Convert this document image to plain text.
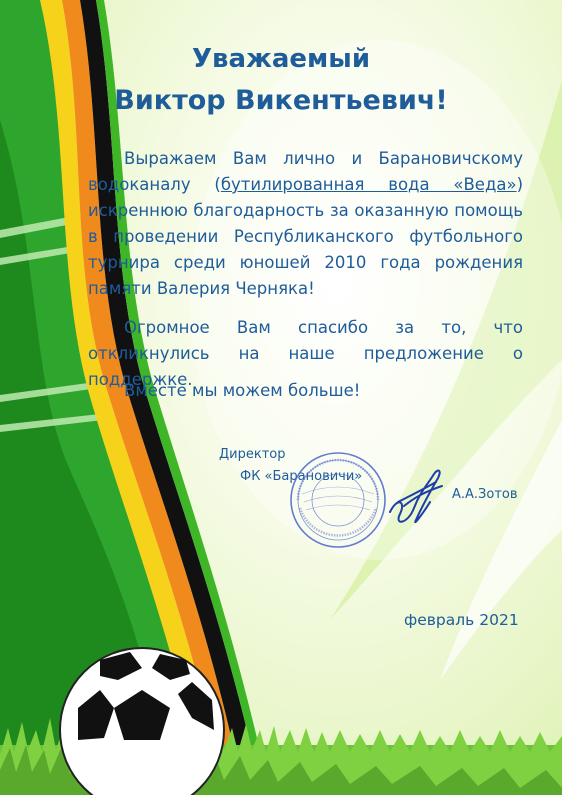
Уважаемый
Виктор Викентьевич!

Выражаем Вам лично и Барановичскому водоканалу (бутилированная вода «Веда») искреннюю благодарность за оказанную помощь в проведении Республиканского футбольного турнира среди юношей 2010 года рождения памяти Валерия Черняка!

Огромное Вам спасибо за то, что откликнулись на наше предложение о поддержке.

Вместе мы можем больше!

Директор
ФК «Барановичи»
А.А.Зотов
февраль 2021
